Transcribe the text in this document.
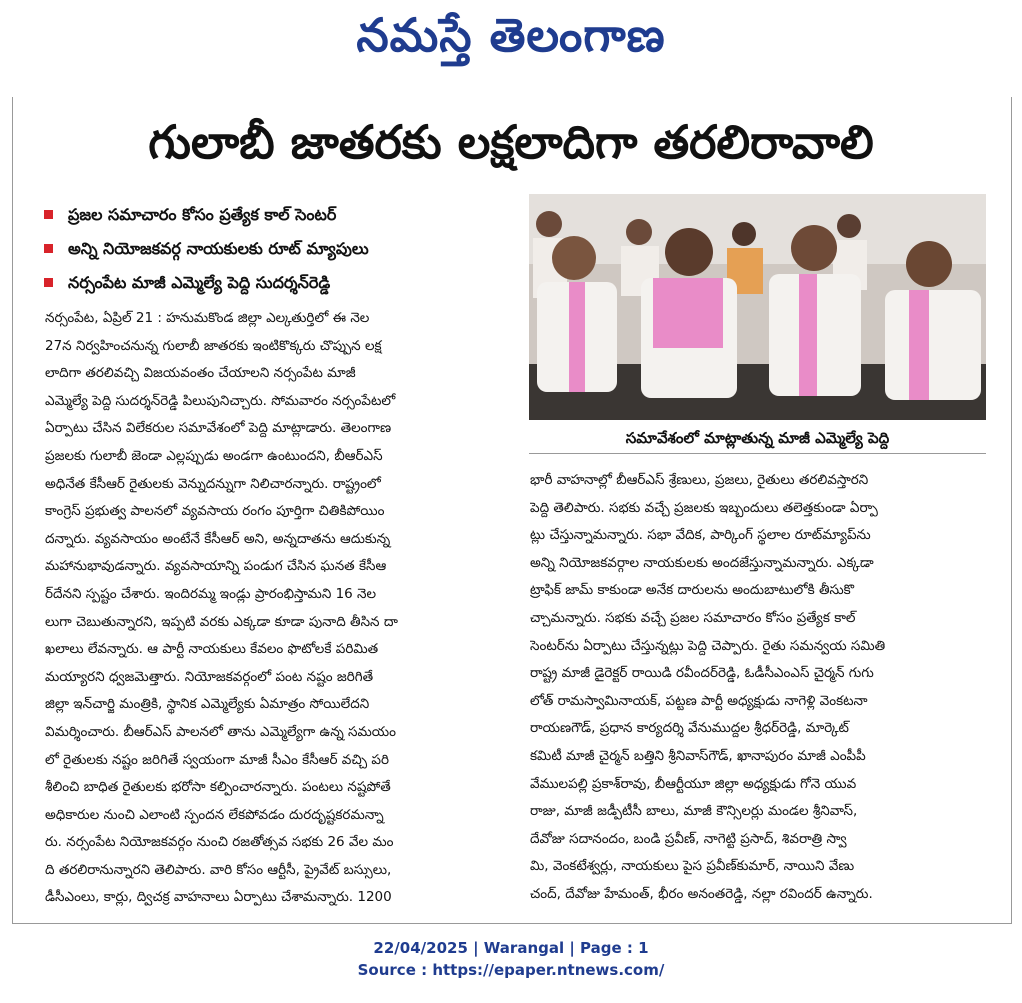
నమస్తే తెలంగాణ
గులాబీ జాతరకు లక్షలాదిగా తరలిరావాలి
ప్రజల సమాచారం కోసం ప్రత్యేక కాల్ సెంటర్
అన్ని నియోజకవర్గ నాయకులకు రూట్ మ్యాపులు
నర్సంపేట మాజీ ఎమ్మెల్యే పెద్ది సుదర్శన్‌రెడ్డి
నర్సంపేట, ఏప్రిల్ 21 : హనుమకొండ జిల్లా ఎల్కతుర్తిలో ఈ నెల
27న నిర్వహించనున్న గులాబీ జాతరకు ఇంటికొక్కరు చొప్పున లక్ష
లాదిగా తరలివచ్చి విజయవంతం చేయాలని నర్సంపేట మాజీ
ఎమ్మెల్యే పెద్ది సుదర్శన్‌రెడ్డి పిలుపునిచ్చారు. సోమవారం నర్సంపేటలో
ఏర్పాటు చేసిన విలేకరుల సమావేశంలో పెద్ది మాట్లాడారు. తెలంగాణ
ప్రజలకు గులాబీ జెండా ఎల్లప్పుడు అండగా ఉంటుందని, బీఆర్‌ఎస్
అధినేత కేసీఆర్ రైతులకు వెన్నుదన్నుగా నిలిచారన్నారు. రాష్ట్రంలో
కాంగ్రెస్ ప్రభుత్వ పాలనలో వ్యవసాయ రంగం పూర్తిగా చితికిపోయిం
దన్నారు. వ్యవసాయం అంటేనే కేసీఆర్ అని, అన్నదాతను ఆదుకున్న
మహానుభావుడన్నారు. వ్యవసాయాన్ని పండుగ చేసిన ఘనత కేసీఆ
ర్‌దేనని స్పష్టం చేశారు. ఇందిరమ్మ ఇండ్లు ప్రారంభిస్తామని 16 నెల
లుగా చెబుతున్నారని, ఇప్పటి వరకు ఎక్కడా కూడా పునాది తీసిన దా
ఖలాలు లేవన్నారు. ఆ పార్టీ నాయకులు కేవలం ఫొటోలకే పరిమిత
మయ్యారని ధ్వజమెత్తారు. నియోజకవర్గంలో పంట నష్టం జరిగితే
జిల్లా ఇన్‌చార్జి మంత్రికి, స్థానిక ఎమ్మెల్యేకు ఏమాత్రం సోయిలేదని
విమర్శించారు. బీఆర్‌ఎస్ పాలనలో తాను ఎమ్మెల్యేగా ఉన్న సమయం
లో రైతులకు నష్టం జరిగితే స్వయంగా మాజీ సీఎం కేసీఆర్ వచ్చి పరి
శీలించి బాధిత రైతులకు భరోసా కల్పించారన్నారు. పంటలు నష్టపోతే
అధికారుల నుంచి ఎలాంటి స్పందన లేకపోవడం దురదృష్టకరమన్నా
రు. నర్సంపేట నియోజకవర్గం నుంచి రజతోత్సవ సభకు 26 వేల మం
ది తరలిరానున్నారని తెలిపారు. వారి కోసం ఆర్టీసీ, ప్రైవేట్ బస్సులు,
డీసీఎంలు, కార్లు, ద్విచక్ర వాహనాలు ఏర్పాటు చేశామన్నారు. 1200
సమావేశంలో మాట్లాతున్న మాజీ ఎమ్మెల్యే పెద్ది
భారీ వాహనాల్లో బీఆర్‌ఎస్ శ్రేణులు, ప్రజలు, రైతులు తరలివస్తారని
పెద్ది తెలిపారు. సభకు వచ్చే ప్రజలకు ఇబ్బందులు తలెత్తకుండా ఏర్పా
ట్లు చేస్తున్నామన్నారు. సభా వేదిక, పార్కింగ్ స్థలాల రూట్‌మ్యాప్‌ను
అన్ని నియోజకవర్గాల నాయకులకు అందజేస్తున్నామన్నారు. ఎక్కడా
ట్రాఫిక్ జామ్ కాకుండా అనేక దారులను అందుబాటులోకి తీసుకొ
చ్చామన్నారు. సభకు వచ్చే ప్రజల సమాచారం కోసం ప్రత్యేక కాల్
సెంటర్‌ను ఏర్పాటు చేస్తున్నట్లు పెద్ది చెప్పారు. రైతు సమన్వయ సమితి
రాష్ట్ర మాజీ డైరెక్టర్ రాయిడి రవీందర్‌రెడ్డి, ఓడీసీఎంఎస్ చైర్మన్ గుగు
లోత్ రామస్వామినాయక్, పట్టణ పార్టీ అధ్యక్షుడు నాగెళ్లి వెంకటనా
రాయణగౌడ్, ప్రధాన కార్యదర్శి వేనుముద్దల శ్రీధర్‌రెడ్డి, మార్కెట్
కమిటీ మాజీ చైర్మన్ బత్తిని శ్రీనివాస్‌గౌడ్, ఖానాపురం మాజీ ఎంపీపీ
వేములపల్లి ప్రకాశ్‌రావు, బీఆర్టీయూ జిల్లా అధ్యక్షుడు గోనె యువ
రాజు, మాజీ జడ్పీటీసీ బాలు, మాజీ కౌన్సిలర్లు మండల శ్రీనివాస్,
దేవోజు సదానందం, బండి ప్రవీణ్, నాగెట్టి ప్రసాద్, శివరాత్రి స్వా
మి, వెంకటేశ్వర్లు, నాయకులు పైస ప్రవీణ్‌కుమార్, నాయిని వేణు
చంద్, దేవోజు హేమంత్, భీరం అనంతరెడ్డి, నల్లా రవిందర్ ఉన్నారు.
22/04/2025 | Warangal | Page : 1
Source : https://epaper.ntnews.com/
